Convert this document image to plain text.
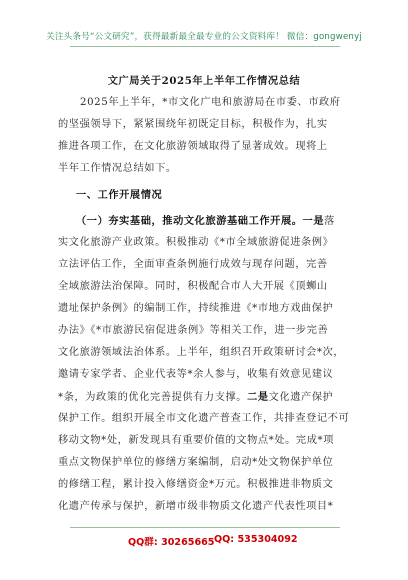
关注头条号“公文研究”，获得最新最全最专业的公文资料库！ 微信：gongwenyj
文广局关于2025年上半年工作情况总结
2025年上半年，*市文化广电和旅游局在市委、市政府
的坚强领导下，紧紧围绕年初既定目标，积极作为，扎实
推进各项工作，在文化旅游领域取得了显著成效。现将上
半年工作情况总结如下。
一、工作开展情况
（一）夯实基础，推动文化旅游基础工作开展。一是落
实文化旅游产业政策。积极推动《*市全域旅游促进条例》
立法评估工作，全面审查条例施行成效与现存问题，完善
全域旅游法治保障。同时，积极配合市人大开展《顶蛳山
遗址保护条例》的编制工作，持续推进《*市地方戏曲保护
办法》《*市旅游民宿促进条例》等相关工作，进一步完善
文化旅游领域法治体系。上半年，组织召开政策研讨会*次，
邀请专家学者、企业代表等*余人参与，收集有效意见建议
*条，为政策的优化完善提供有力支撑。二是文化遗产保护
保护工作。组织开展全市文化遗产普查工作，共排查登记不可
移动文物*处，新发现具有重要价值的文物点*处。完成*项
重点文物保护单位的修缮方案编制，启动*处文物保护单位
的修缮工程，累计投入修缮资金*万元。积极推进非物质文
化遗产传承与保护，新增市级非物质文化遗产代表性项目*
QQ群: 30265665 QQ: 535304092
